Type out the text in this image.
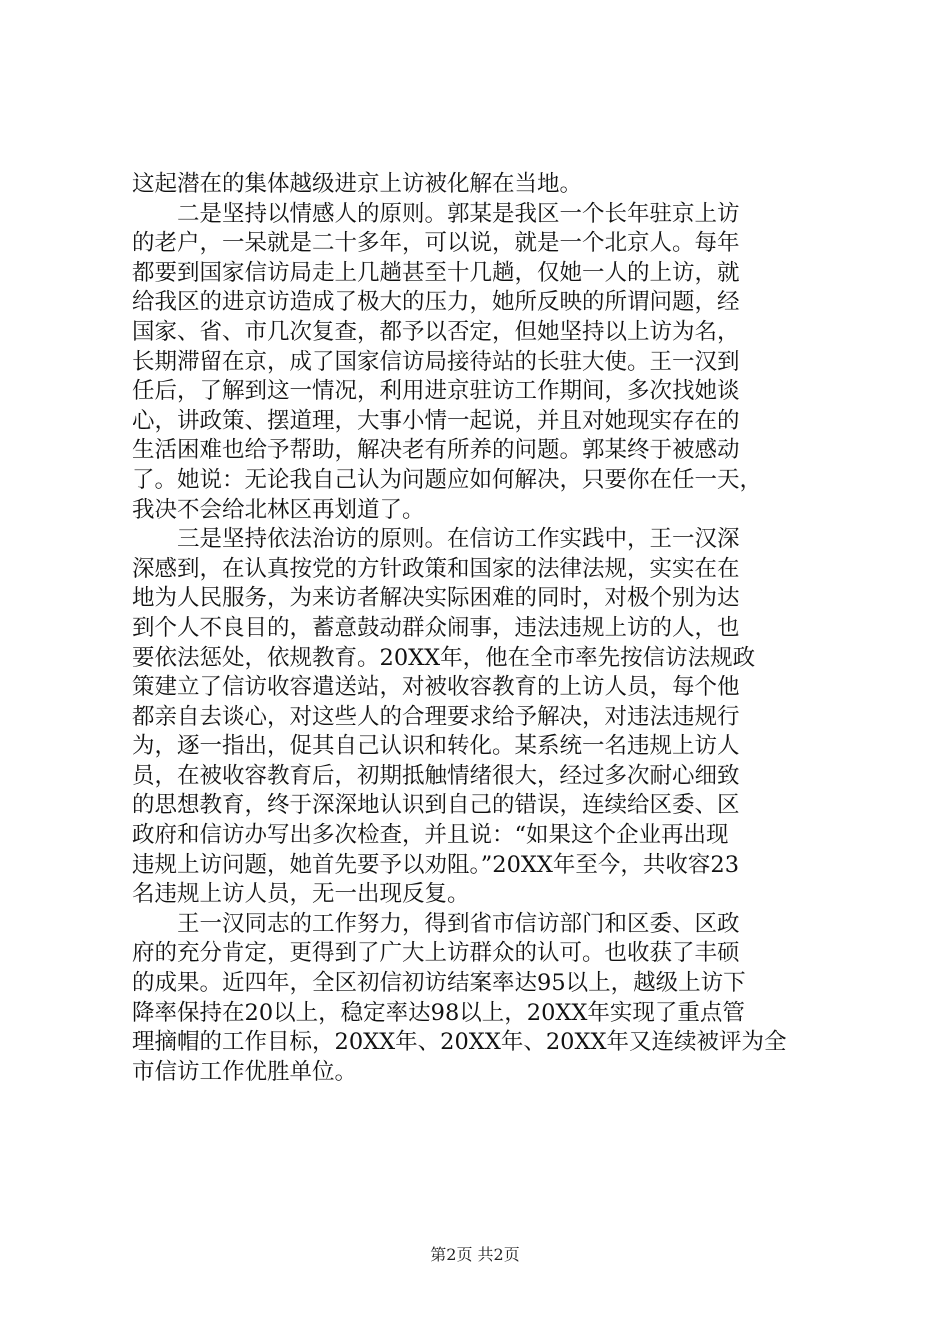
这起潜在的集体越级进京上访被化解在当地。
　　二是坚持以情感人的原则。郭某是我区一个长年驻京上访
的老户，一呆就是二十多年，可以说，就是一个北京人。每年
都要到国家信访局走上几趟甚至十几趟，仅她一人的上访，就
给我区的进京访造成了极大的压力，她所反映的所谓问题，经
国家、省、市几次复查，都予以否定，但她坚持以上访为名，
长期滞留在京，成了国家信访局接待站的长驻大使。王一汉到
任后，了解到这一情况，利用进京驻访工作期间，多次找她谈
心，讲政策、摆道理，大事小情一起说，并且对她现实存在的
生活困难也给予帮助，解决老有所养的问题。郭某终于被感动
了。她说：无论我自己认为问题应如何解决，只要你在任一天，
我决不会给北林区再划道了。
　　三是坚持依法治访的原则。在信访工作实践中，王一汉深
深感到，在认真按党的方针政策和国家的法律法规，实实在在
地为人民服务，为来访者解决实际困难的同时，对极个别为达
到个人不良目的，蓄意鼓动群众闹事，违法违规上访的人，也
要依法惩处，依规教育。20XX年，他在全市率先按信访法规政
策建立了信访收容遣送站，对被收容教育的上访人员，每个他
都亲自去谈心，对这些人的合理要求给予解决，对违法违规行
为，逐一指出，促其自己认识和转化。某系统一名违规上访人
员，在被收容教育后，初期抵触情绪很大，经过多次耐心细致
的思想教育，终于深深地认识到自己的错误，连续给区委、区
政府和信访办写出多次检查，并且说：“如果这个企业再出现
违规上访问题，她首先要予以劝阻。”20XX年至今，共收容23
名违规上访人员，无一出现反复。
　　王一汉同志的工作努力，得到省市信访部门和区委、区政
府的充分肯定，更得到了广大上访群众的认可。也收获了丰硕
的成果。近四年，全区初信初访结案率达95以上，越级上访下
降率保持在20以上，稳定率达98以上，20XX年实现了重点管
理摘帽的工作目标，20XX年、20XX年、20XX年又连续被评为全
市信访工作优胜单位。
第2页 共2页
